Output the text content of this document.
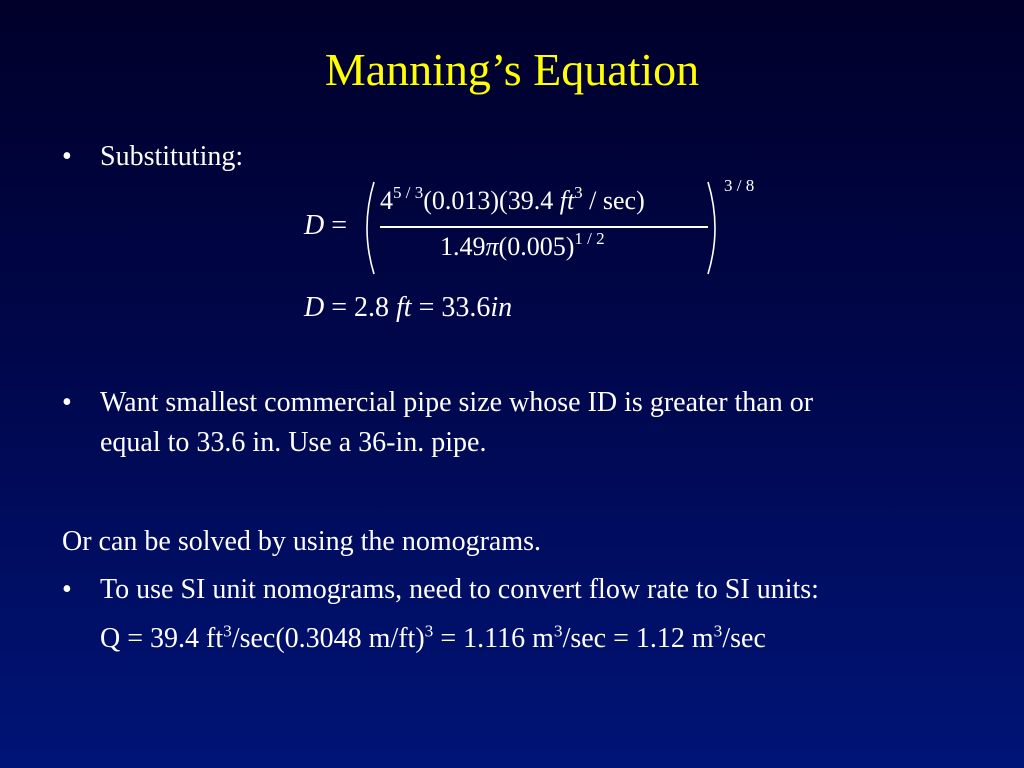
Manning’s Equation
• Substituting:
D =
$4^{5 / 3}(0.013)(39.4$ $ft^3 / \sec$)
$1.49\pi(0.005)^{1 / 2}$
3 / 8
D = 2.8 ft = 33.6in
• Want smallest commercial pipe size whose ID is greater than or
equal to 33.6 in. Use a 36-in. pipe.
Or can be solved by using the nomograms.
• To use SI unit nomograms, need to convert flow rate to SI units:
Q = 39.4 $ft^3/\sec(0.3048$ m/ft)$^3$ = 1.116 $m^3/\sec = 1.12$ $m^3/\sec$
